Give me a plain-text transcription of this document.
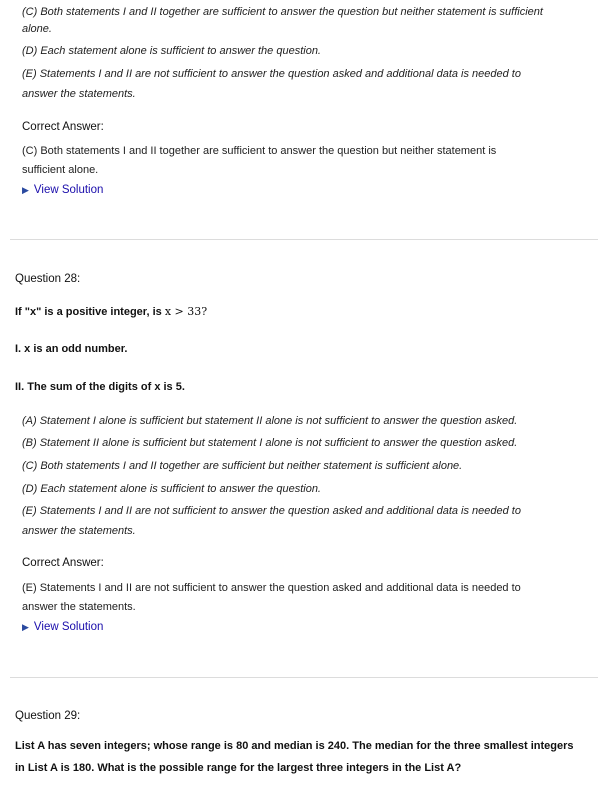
(C) Both statements I and II together are sufficient to answer the question but neither statement is sufficient
alone.
(D) Each statement alone is sufficient to answer the question.
(E) Statements I and II are not sufficient to answer the question asked and additional data is needed to
answer the statements.
Correct Answer:
(C) Both statements I and II together are sufficient to answer the question but neither statement is
sufficient alone.
▶ View Solution
Question 28:
If "x" is a positive integer, is x > 33?
I. x is an odd number.
II. The sum of the digits of x is 5.
(A) Statement I alone is sufficient but statement II alone is not sufficient to answer the question asked.
(B) Statement II alone is sufficient but statement I alone is not sufficient to answer the question asked.
(C) Both statements I and II together are sufficient but neither statement is sufficient alone.
(D) Each statement alone is sufficient to answer the question.
(E) Statements I and II are not sufficient to answer the question asked and additional data is needed to
answer the statements.
Correct Answer:
(E) Statements I and II are not sufficient to answer the question asked and additional data is needed to
answer the statements.
▶ View Solution
Question 29:
List A has seven integers; whose range is 80 and median is 240. The median for the three smallest integers
in List A is 180. What is the possible range for the largest three integers in the List A?
